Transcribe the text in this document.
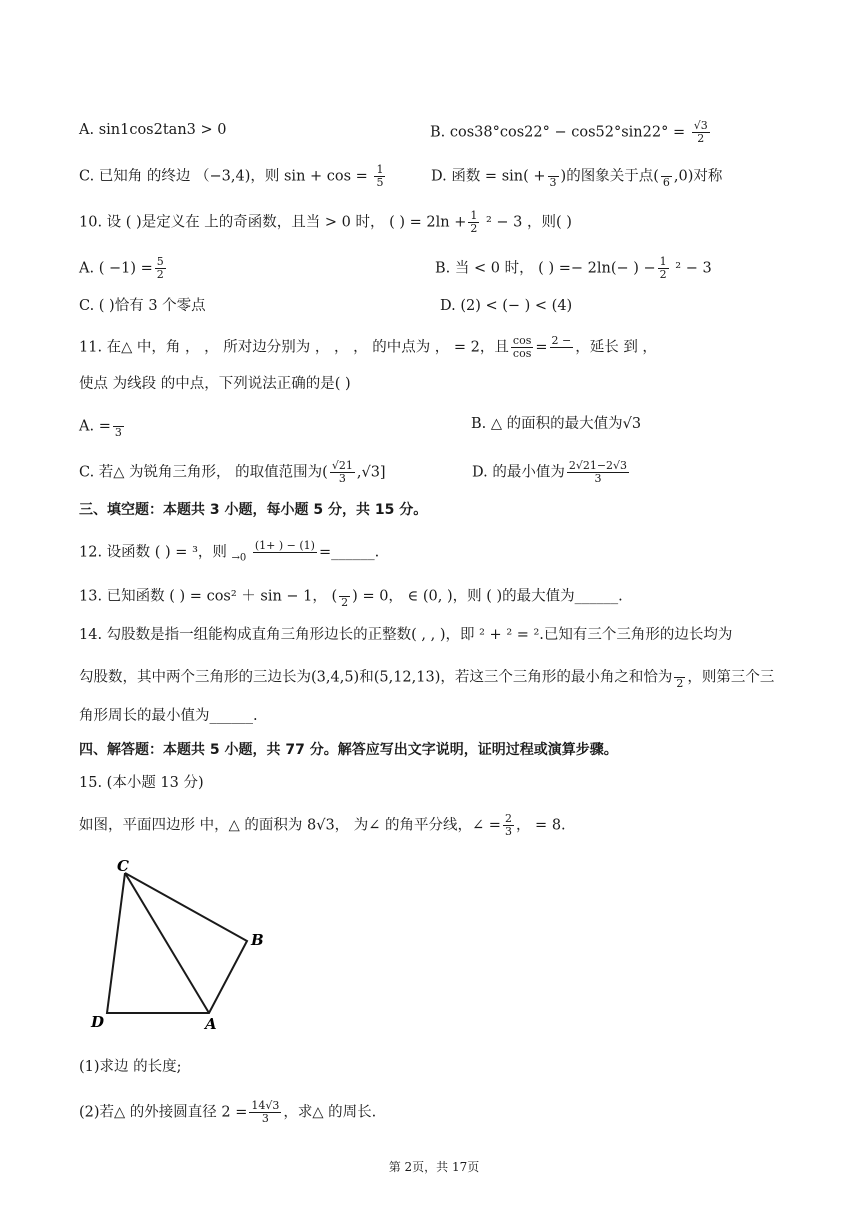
A. sin1cos2tan3 > 0	B. $\cos 38^\circ\cos 22^\circ - \cos 52^\circ\sin 22^\circ = \frac{√3}{2}$
C. 已知角 的终边 （−3,4)，则 $\sin + \cos = \frac{1}{5}$	D. 函数 = sin( + 3 )的图象关于点( 6 ,0)对称
10. 设 ( )是定义在 上的奇函数，且当 > 0 时， ( ) = $2\ln + \frac{1}{2} ^2 - 3$ ，则( )
A. ( $-1) = \frac{5}{2}$	B. 当 < 0 时， ( ) =− 2ln(− ) − $\frac{1}{2} ^2 - 3$
C. ( )恰有 3 个零点	D. (2) < (− ) < (4)
11. 在△ 中，角 ， ， 所对边分别为 ， ， ， 的中点为 ， = 2，且 $\frac{\cos}{\cos} = 2$ − ，延长 到 ，
使点 为线段 的中点，下列说法正确的是( )
A. = 3
B. △ 的面积的最大值为√3
C. 若△ 为锐角三角形， 的取值范围为( $\frac{√21}{3} ,√3$]	D. 的最小值为 $\frac{2√21-2√3}{3}$
三、填空题：本题共 3 小题，每小题 5 分，共 15 分。
12. 设函数 ( ) = ³，则 $_{\to 0}$
(1+ ) − (1) =______.
13. 已知函数 ( ) = cos² ＋ sin − 1， ( 2 ) = 0， ∈ (0, )，则 ( )的最大值为______.
14. 勾股数是指一组能构成直角三角形边长的正整数( , , )，即 ² + ² = ².已知有三个三角形的边长均为
勾股数，其中两个三角形的三边长为(3,4,5)和(5,12,13)，若这三个三角形的最小角之和恰为 2 ，则第三个三
角形周长的最小值为______.
四、解答题：本题共 5 小题，共 77 分。解答应写出文字说明，证明过程或演算步骤。
15. (本小题 13 分)
如图，平面四边形 中，△ 的面积为 8√3， 为∠ 的角平分线，∠ = $\frac{2}{3}$ ， = 8.
C
B
D	A
(1)求边 的长度;
(2)若△ 的外接圆直径 $2 = \frac{14√3}{3}$ ，求△ 的周长.
第 2页，共 17页
